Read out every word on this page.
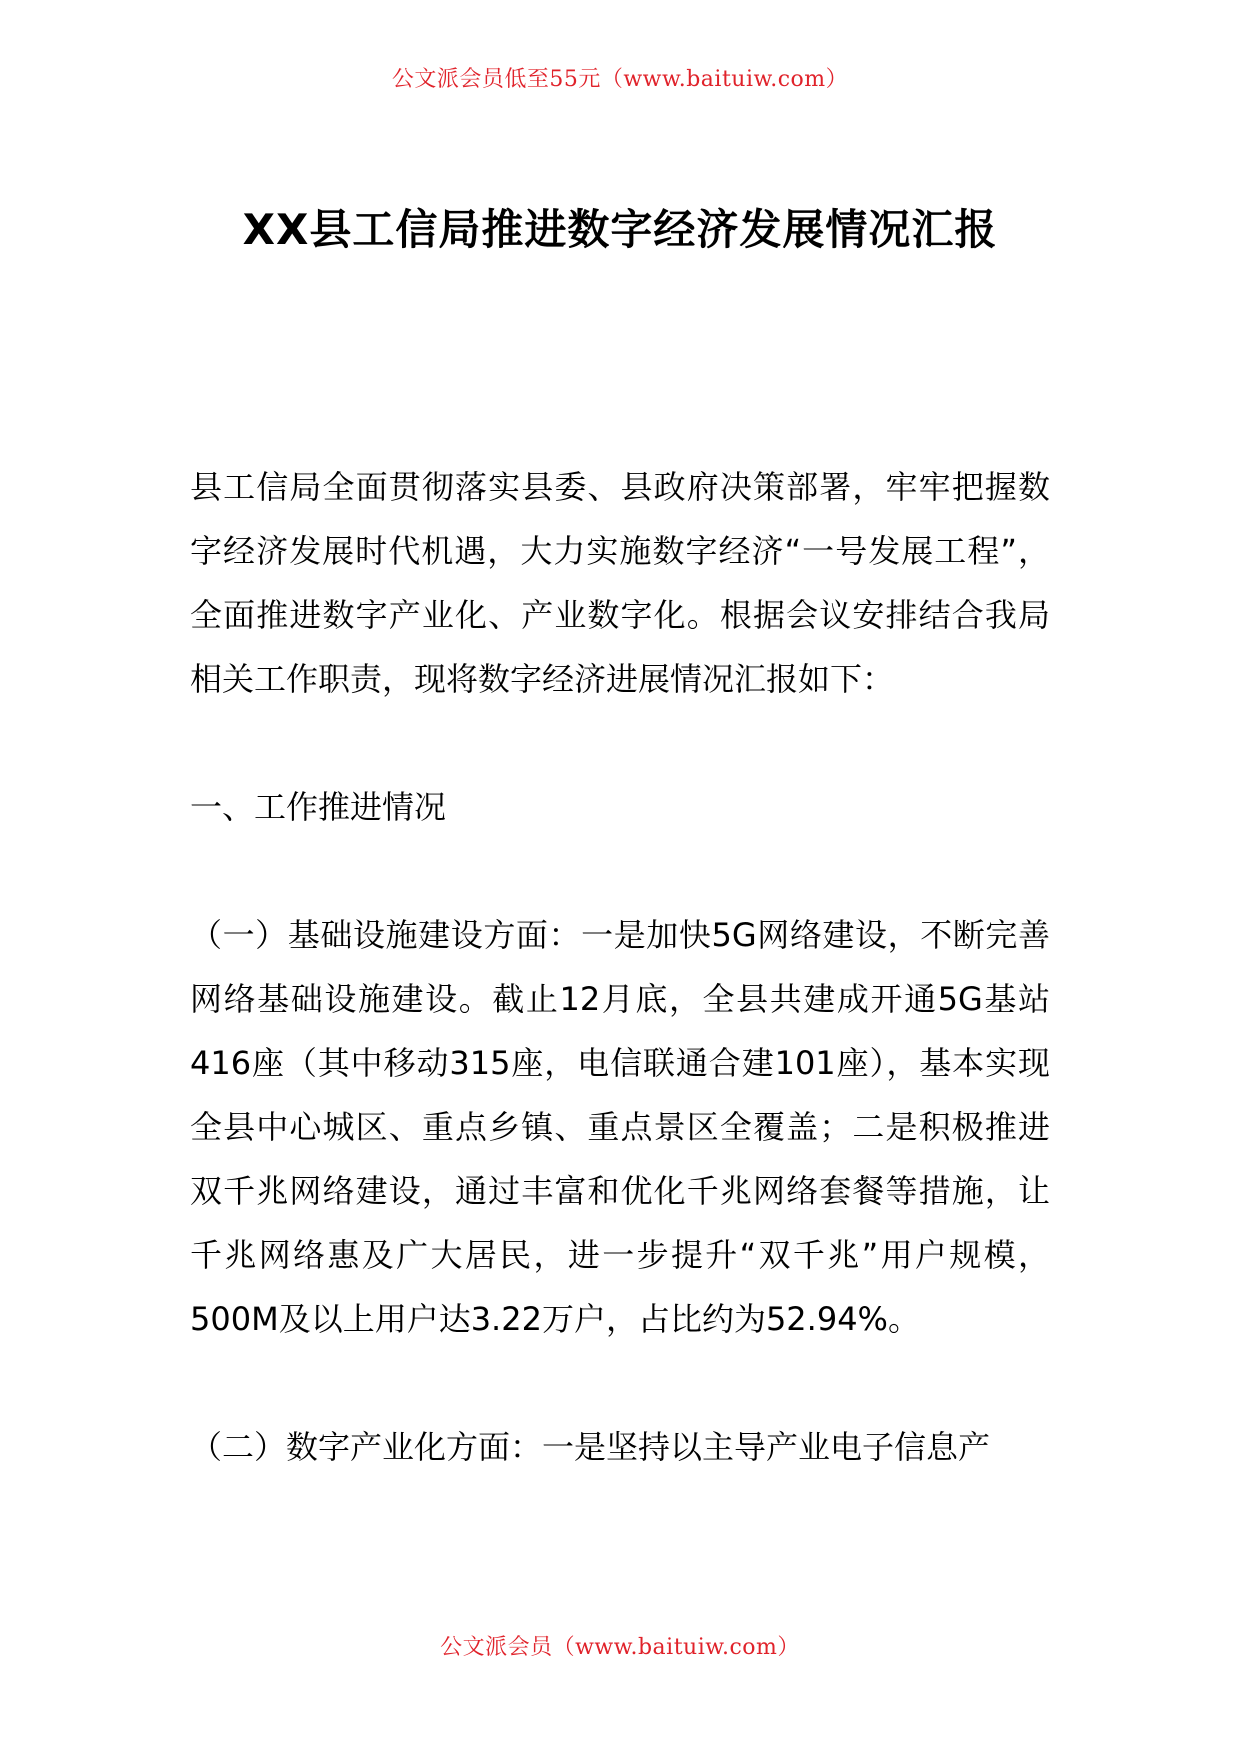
公文派会员低至55元（www.baituiw.com）
XX县工信局推进数字经济发展情况汇报

县工信局全面贯彻落实县委、县政府决策部署，牢牢把握数字经济发展时代机遇，大力实施数字经济“一号发展工程”，全面推进数字产业化、产业数字化。根据会议安排结合我局相关工作职责，现将数字经济进展情况汇报如下：

一、工作推进情况

（一）基础设施建设方面：一是加快5G网络建设，不断完善网络基础设施建设。截止12月底，全县共建成开通5G基站416座（其中移动315座，电信联通合建101座），基本实现全县中心城区、重点乡镇、重点景区全覆盖；二是积极推进双千兆网络建设，通过丰富和优化千兆网络套餐等措施，让千兆网络惠及广大居民，进一步提升“双千兆”用户规模，500M及以上用户达3.22万户，占比约为52.94%。

（二）数字产业化方面：一是坚持以主导产业电子信息产

公文派会员（www.baituiw.com）
